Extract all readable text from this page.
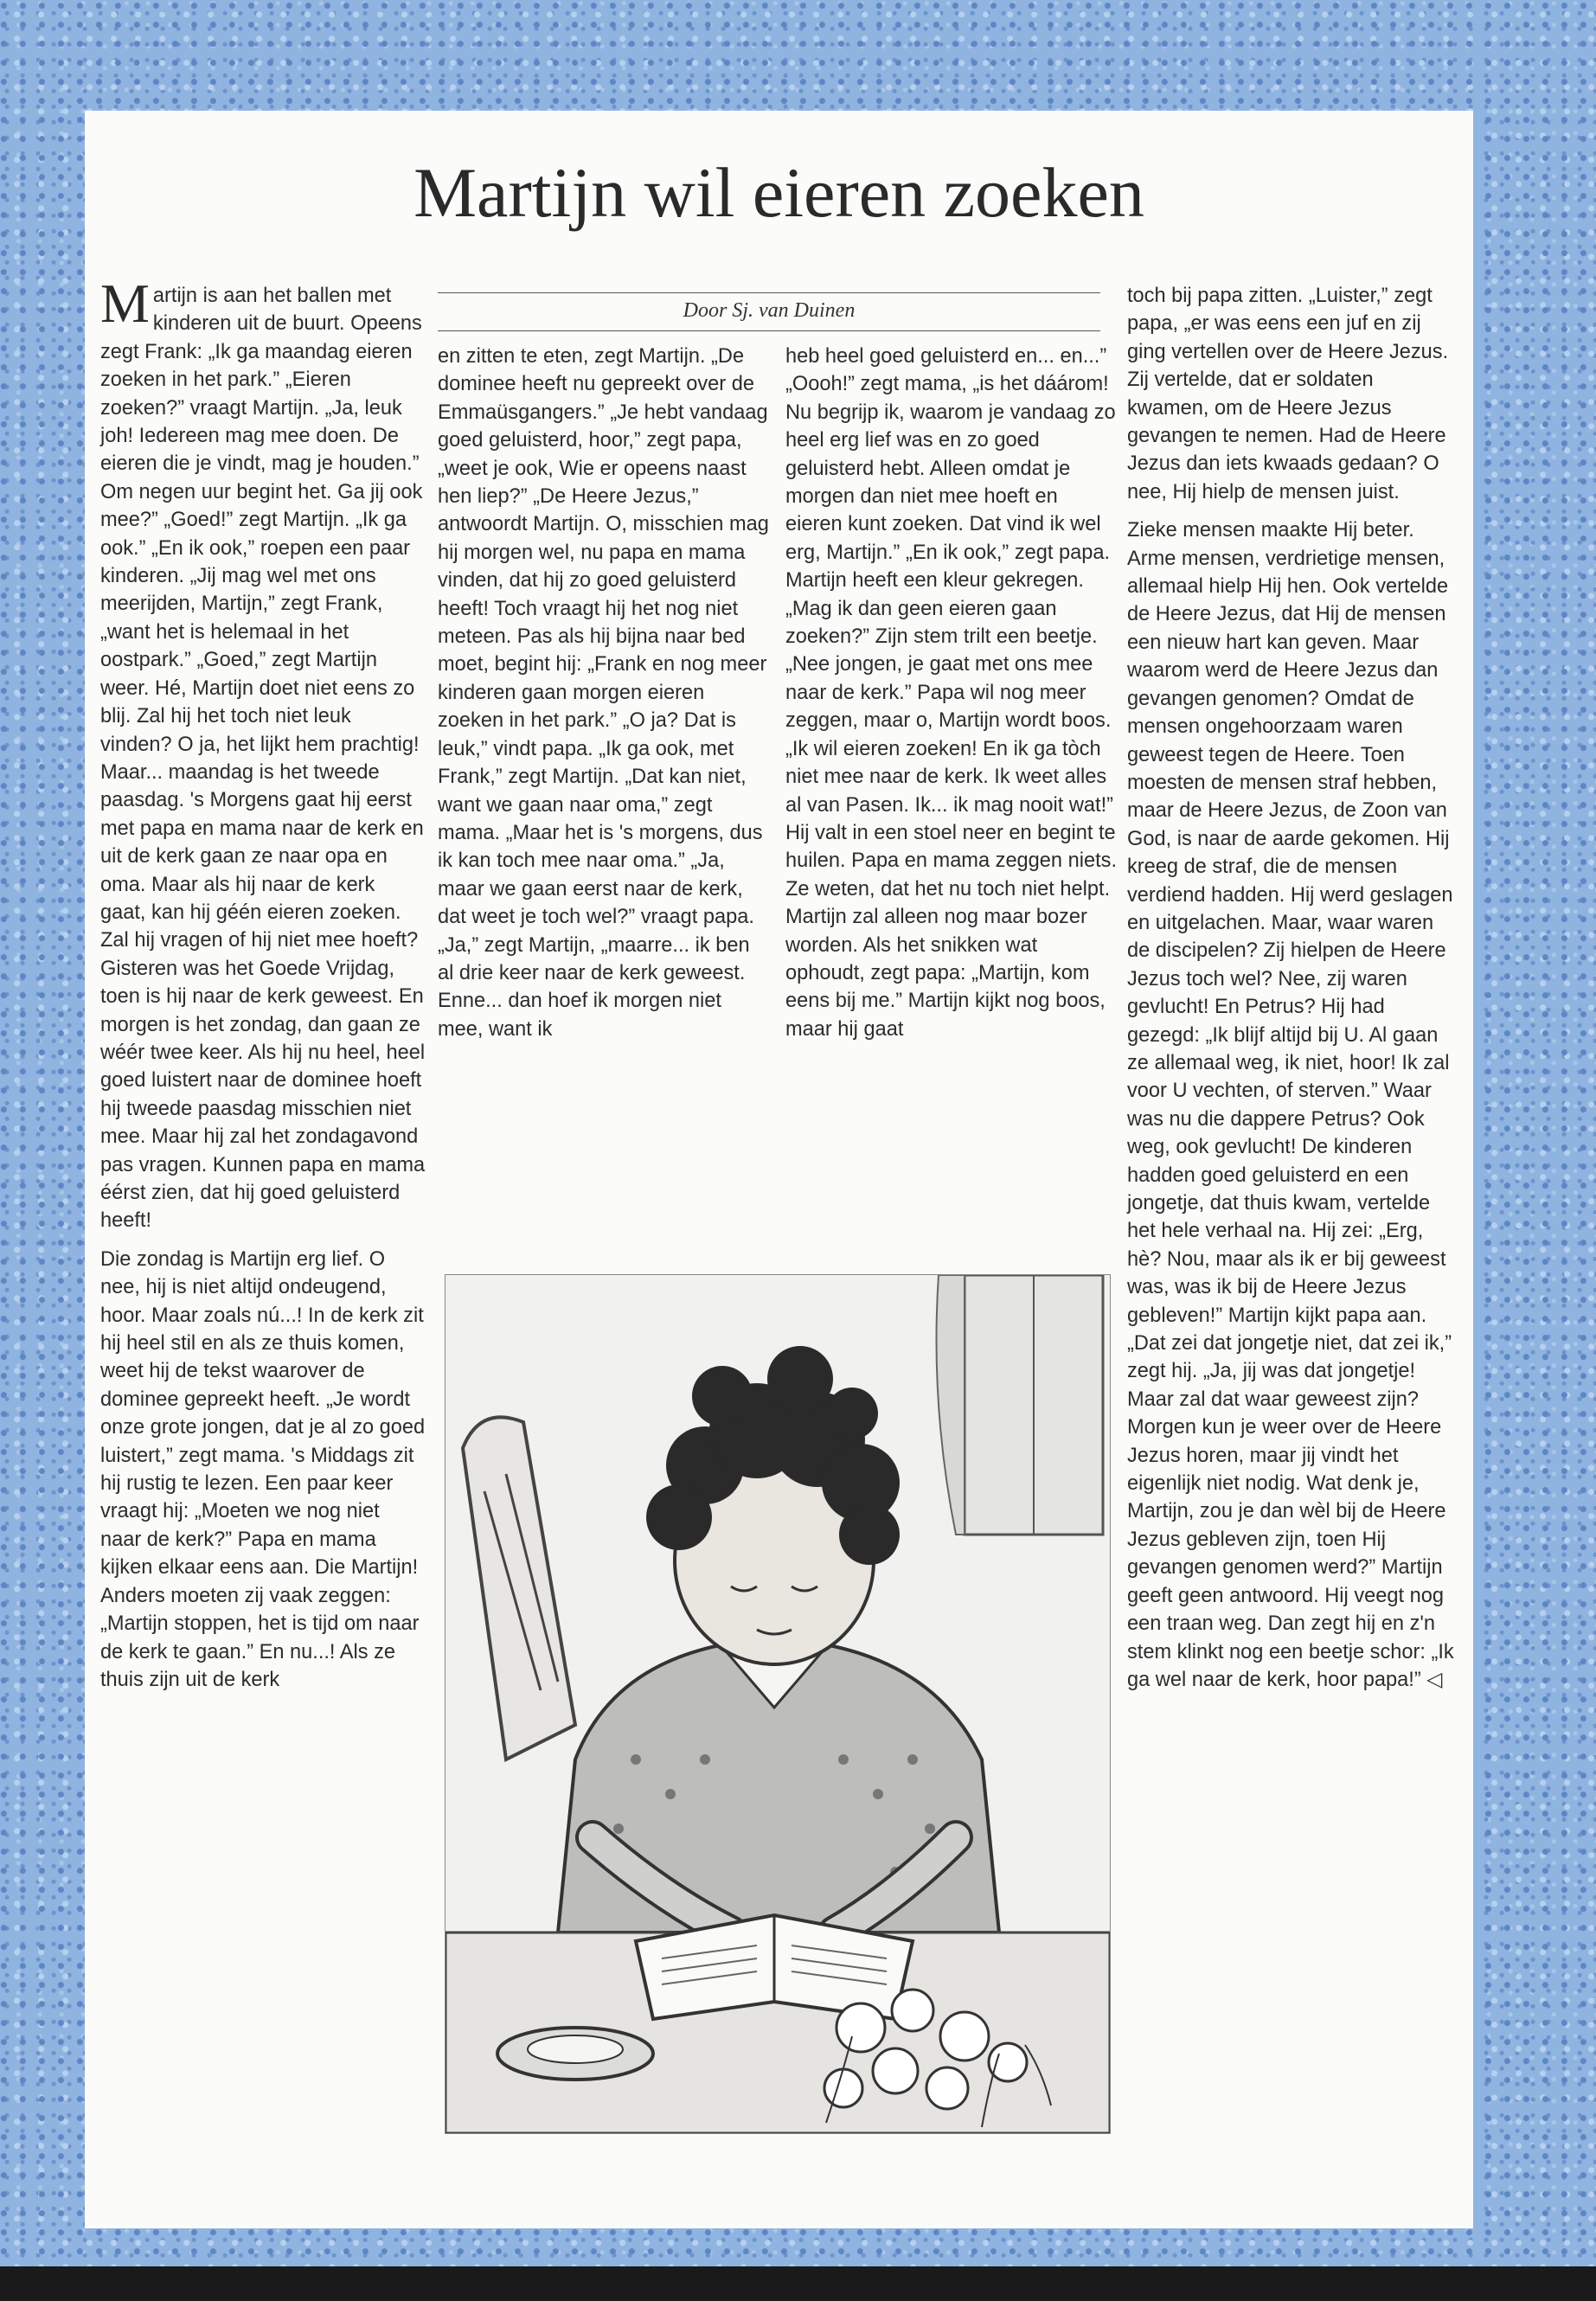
Martijn wil eieren zoeken

Martijn is aan het ballen met kinderen uit de buurt. Opeens zegt Frank: „Ik ga maandag eieren zoeken in het park.” „Eieren zoeken?” vraagt Martijn. „Ja, leuk joh! Iedereen mag mee doen. De eieren die je vindt, mag je houden.” Om negen uur begint het. Ga jij ook mee?” „Goed!” zegt Martijn. „Ik ga ook.” „En ik ook,” roepen een paar kinderen. „Jij mag wel met ons meerijden, Martijn,” zegt Frank, „want het is helemaal in het oostpark.” „Goed,” zegt Martijn weer. Hé, Martijn doet niet eens zo blij. Zal hij het toch niet leuk vinden? O ja, het lijkt hem prachtig! Maar... maandag is het tweede paasdag. 's Morgens gaat hij eerst met papa en mama naar de kerk en uit de kerk gaan ze naar opa en oma. Maar als hij naar de kerk gaat, kan hij géén eieren zoeken. Zal hij vragen of hij niet mee hoeft? Gisteren was het Goede Vrijdag, toen is hij naar de kerk geweest. En morgen is het zondag, dan gaan ze wéér twee keer. Als hij nu heel, heel goed luistert naar de dominee hoeft hij tweede paasdag misschien niet mee. Maar hij zal het zondagavond pas vragen. Kunnen papa en mama éérst zien, dat hij goed geluisterd heeft!

Die zondag is Martijn erg lief. O nee, hij is niet altijd ondeugend, hoor. Maar zoals nú...! In de kerk zit hij heel stil en als ze thuis komen, weet hij de tekst waarover de dominee gepreekt heeft. „Je wordt onze grote jongen, dat je al zo goed luistert,” zegt mama. 's Middags zit hij rustig te lezen. Een paar keer vraagt hij: „Moeten we nog niet naar de kerk?” Papa en mama kijken elkaar eens aan. Die Martijn! Anders moeten zij vaak zeggen: „Martijn stoppen, het is tijd om naar de kerk te gaan.” En nu...! Als ze thuis zijn uit de kerk

Door Sj. van Duinen

en zitten te eten, zegt Martijn. „De dominee heeft nu gepreekt over de Emmaüsgangers.” „Je hebt vandaag goed geluisterd, hoor,” zegt papa, „weet je ook, Wie er opeens naast hen liep?” „De Heere Jezus,” antwoordt Martijn. O, misschien mag hij morgen wel, nu papa en mama vinden, dat hij zo goed geluisterd heeft! Toch vraagt hij het nog niet meteen. Pas als hij bijna naar bed moet, begint hij: „Frank en nog meer kinderen gaan morgen eieren zoeken in het park.” „O ja? Dat is leuk,” vindt papa. „Ik ga ook, met Frank,” zegt Martijn. „Dat kan niet, want we gaan naar oma,” zegt mama. „Maar het is 's morgens, dus ik kan toch mee naar oma.” „Ja, maar we gaan eerst naar de kerk, dat weet je toch wel?” vraagt papa. „Ja,” zegt Martijn, „maarre... ik ben al drie keer naar de kerk geweest. Enne... dan hoef ik morgen niet mee, want ik

heb heel goed geluisterd en... en...” „Oooh!” zegt mama, „is het dáárom! Nu begrijp ik, waarom je vandaag zo heel erg lief was en zo goed geluisterd hebt. Alleen omdat je morgen dan niet mee hoeft en eieren kunt zoeken. Dat vind ik wel erg, Martijn.” „En ik ook,” zegt papa. Martijn heeft een kleur gekregen. „Mag ik dan geen eieren gaan zoeken?” Zijn stem trilt een beetje. „Nee jongen, je gaat met ons mee naar de kerk.” Papa wil nog meer zeggen, maar o, Martijn wordt boos. „Ik wil eieren zoeken! En ik ga tòch niet mee naar de kerk. Ik weet alles al van Pasen. Ik... ik mag nooit wat!” Hij valt in een stoel neer en begint te huilen. Papa en mama zeggen niets. Ze weten, dat het nu toch niet helpt. Martijn zal alleen nog maar bozer worden. Als het snikken wat ophoudt, zegt papa: „Martijn, kom eens bij me.” Martijn kijkt nog boos, maar hij gaat

toch bij papa zitten. „Luister,” zegt papa, „er was eens een juf en zij ging vertellen over de Heere Jezus. Zij vertelde, dat er soldaten kwamen, om de Heere Jezus gevangen te nemen. Had de Heere Jezus dan iets kwaads gedaan? O nee, Hij hielp de mensen juist.

Zieke mensen maakte Hij beter. Arme mensen, verdrietige mensen, allemaal hielp Hij hen. Ook vertelde de Heere Jezus, dat Hij de mensen een nieuw hart kan geven. Maar waarom werd de Heere Jezus dan gevangen genomen? Omdat de mensen ongehoorzaam waren geweest tegen de Heere. Toen moesten de mensen straf hebben, maar de Heere Jezus, de Zoon van God, is naar de aarde gekomen. Hij kreeg de straf, die de mensen verdiend hadden. Hij werd geslagen en uitgelachen. Maar, waar waren de discipelen? Zij hielpen de Heere Jezus toch wel? Nee, zij waren gevlucht! En Petrus? Hij had gezegd: „Ik blijf altijd bij U. Al gaan ze allemaal weg, ik niet, hoor! Ik zal voor U vechten, of sterven.” Waar was nu die dappere Petrus? Ook weg, ook gevlucht! De kinderen hadden goed geluisterd en een jongetje, dat thuis kwam, vertelde het hele verhaal na. Hij zei: „Erg, hè? Nou, maar als ik er bij geweest was, was ik bij de Heere Jezus gebleven!” Martijn kijkt papa aan. „Dat zei dat jongetje niet, dat zei ik,” zegt hij. „Ja, jij was dat jongetje! Maar zal dat waar geweest zijn? Morgen kun je weer over de Heere Jezus horen, maar jij vindt het eigenlijk niet nodig. Wat denk je, Martijn, zou je dan wèl bij de Heere Jezus gebleven zijn, toen Hij gevangen genomen werd?” Martijn geeft geen antwoord. Hij veegt nog een traan weg. Dan zegt hij en z'n stem klinkt nog een beetje schor: „Ik ga wel naar de kerk, hoor papa!” ◁
